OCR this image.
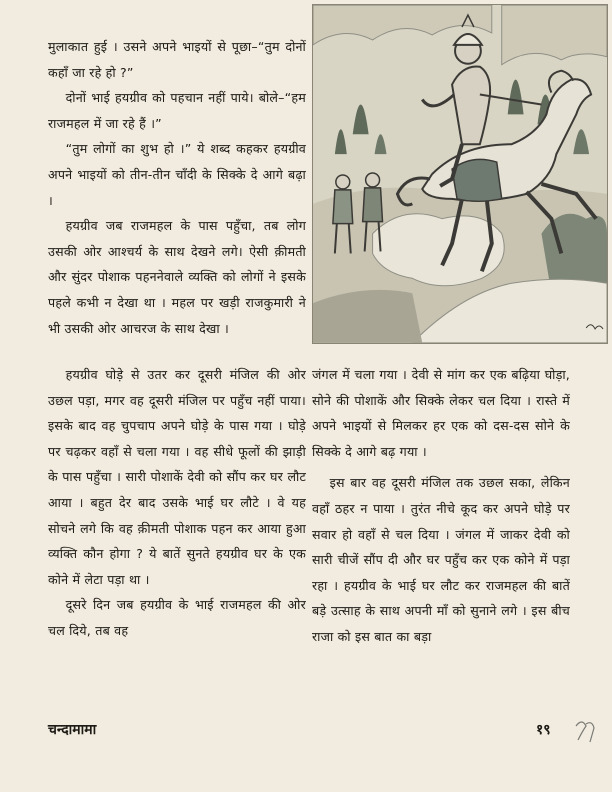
मुलाकात हुई । उसने अपने भाइयों से पूछा–“तुम दोनों कहाँ जा रहे हो ?”

दोनों भाई हयग्रीव को पहचान नहीं पाये। बोले–“हम राजमहल में जा रहे हैं ।”

“तुम लोगों का शुभ हो ।” ये शब्द कहकर हयग्रीव अपने भाइयों को तीन-तीन चाँदी के सिक्के दे आगे बढ़ा ।

हयग्रीव जब राजमहल के पास पहुँचा, तब लोग उसकी ओर आश्चर्य के साथ देखने लगे। ऐसी क़ीमती और सुंदर पोशाक पहननेवाले व्यक्ति को लोगों ने इसके पहले कभी न देखा था । महल पर खड़ी राजकुमारी ने भी उसकी ओर आचरज के साथ देखा ।

हयग्रीव घोड़े से उतर कर दूसरी मंजिल की ओर उछल पड़ा, मगर वह दूसरी मंजिल पर पहुँच नहीं पाया। इसके बाद वह चुपचाप अपने घोड़े के पास गया । घोड़े पर चढ़कर वहाँ से चला गया । वह सीधे फूलों की झाड़ी के पास पहुँचा । सारी पोशाकें देवी को सौंप कर घर लौट आया । बहुत देर बाद उसके भाई घर लौटे । वे यह सोचने लगे कि वह क़ीमती पोशाक पहन कर आया हुआ व्यक्ति कौन होगा ? ये बातें सुनते हयग्रीव घर के एक कोने में लेटा पड़ा था ।

दूसरे दिन जब हयग्रीव के भाई राजमहल की ओर चल दिये, तब वह

जंगल में चला गया । देवी से मांग कर एक बढ़िया घोड़ा, सोने की पोशाकें और सिक्के लेकर चल दिया । रास्ते में अपने भाइयों से मिलकर हर एक को दस-दस सोने के सिक्के दे आगे बढ़ गया ।

इस बार वह दूसरी मंजिल तक उछल सका, लेकिन वहाँ ठहर न पाया । तुरंत नीचे कूद कर अपने घोड़े पर सवार हो वहाँ से चल दिया । जंगल में जाकर देवी को सारी चीजें सौंप दी और घर पहुँच कर एक कोने में पड़ा रहा । हयग्रीव के भाई घर लौट कर राजमहल की बातें बड़े उत्साह के साथ अपनी माँ को सुनाने लगे । इस बीच राजा को इस बात का बड़ा

चन्दामामा	१९
